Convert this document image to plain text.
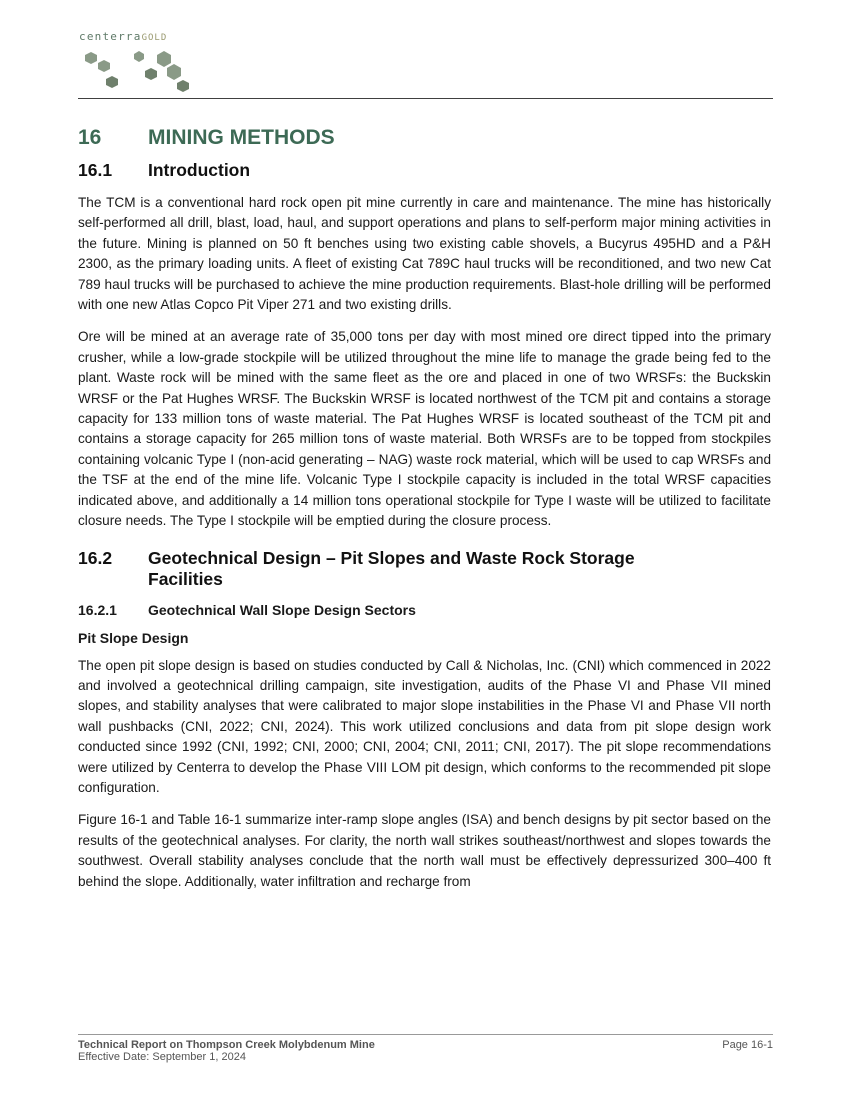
centerraGOLD
16	MINING METHODS
16.1	Introduction

The TCM is a conventional hard rock open pit mine currently in care and maintenance. The mine has historically self-performed all drill, blast, load, haul, and support operations and plans to self-perform major mining activities in the future. Mining is planned on 50 ft benches using two existing cable shovels, a Bucyrus 495HD and a P&H 2300, as the primary loading units. A fleet of existing Cat 789C haul trucks will be reconditioned, and two new Cat 789 haul trucks will be purchased to achieve the mine production requirements. Blast-hole drilling will be performed with one new Atlas Copco Pit Viper 271 and two existing drills.

Ore will be mined at an average rate of 35,000 tons per day with most mined ore direct tipped into the primary crusher, while a low-grade stockpile will be utilized throughout the mine life to manage the grade being fed to the plant. Waste rock will be mined with the same fleet as the ore and placed in one of two WRSFs: the Buckskin WRSF or the Pat Hughes WRSF. The Buckskin WRSF is located northwest of the TCM pit and contains a storage capacity for 133 million tons of waste material. The Pat Hughes WRSF is located southeast of the TCM pit and contains a storage capacity for 265 million tons of waste material. Both WRSFs are to be topped from stockpiles containing volcanic Type I (non-acid generating – NAG) waste rock material, which will be used to cap WRSFs and the TSF at the end of the mine life. Volcanic Type I stockpile capacity is included in the total WRSF capacities indicated above, and additionally a 14 million tons operational stockpile for Type I waste will be utilized to facilitate closure needs. The Type I stockpile will be emptied during the closure process.

16.2	Geotechnical Design – Pit Slopes and Waste Rock Storage Facilities
16.2.1	Geotechnical Wall Slope Design Sectors
Pit Slope Design

The open pit slope design is based on studies conducted by Call & Nicholas, Inc. (CNI) which commenced in 2022 and involved a geotechnical drilling campaign, site investigation, audits of the Phase VI and Phase VII mined slopes, and stability analyses that were calibrated to major slope instabilities in the Phase VI and Phase VII north wall pushbacks (CNI, 2022; CNI, 2024). This work utilized conclusions and data from pit slope design work conducted since 1992 (CNI, 1992; CNI, 2000; CNI, 2004; CNI, 2011; CNI, 2017). The pit slope recommendations were utilized by Centerra to develop the Phase VIII LOM pit design, which conforms to the recommended pit slope configuration.

Figure 16-1 and Table 16-1 summarize inter-ramp slope angles (ISA) and bench designs by pit sector based on the results of the geotechnical analyses. For clarity, the north wall strikes southeast/northwest and slopes towards the southwest. Overall stability analyses conclude that the north wall must be effectively depressurized 300–400 ft behind the slope. Additionally, water infiltration and recharge from

Technical Report on Thompson Creek Molybdenum Mine
Effective Date: September 1, 2024
Page 16-1
